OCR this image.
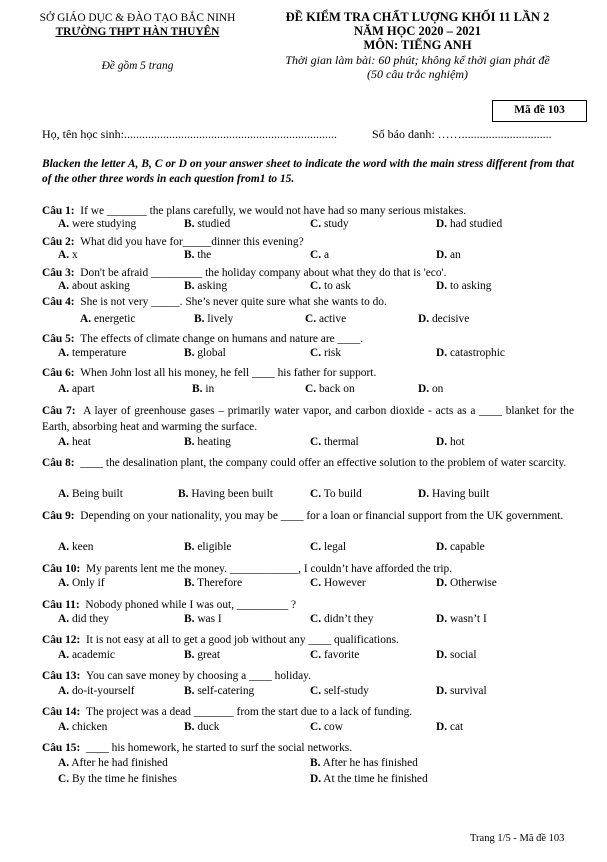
SỞ GIÁO DỤC & ĐÀO TẠO BẮC NINH
TRƯỜNG THPT HÀN THUYÊN
Đề gồm 5 trang
ĐỀ KIỂM TRA CHẤT LƯỢNG KHỐI 11 LẦN 2
NĂM HỌC 2020 – 2021
MÔN: TIẾNG ANH
Thời gian làm bài: 60 phút; không kể thời gian phát đề
(50 câu trắc nghiệm)
Mã đề 103
Họ, tên học sinh:.......................................................................	Số báo danh: ……..............................
Blacken the letter A, B, C or D on your answer sheet to indicate the word with the main stress different from that of the other three words in each question from1 to 15.
Câu 1: If we _______ the plans carefully, we would not have had so many serious mistakes.
A. were studying	B. studied	C. study	D. had studied
Câu 2: What did you have for_____dinner this evening?
A. x	B. the	C. a	D. an
Câu 3: Don't be afraid _________ the holiday company about what they do that is 'eco'.
A. about asking	B. asking	C. to ask	D. to asking
Câu 4: She is not very _____. She’s never quite sure what she wants to do.
A. energetic	B. lively	C. active	D. decisive
Câu 5: The effects of climate change on humans and nature are ____.
A. temperature	B. global	C. risk	D. catastrophic
Câu 6: When John lost all his money, he fell ____ his father for support.
A. apart	B. in	C. back on	D. on
Câu 7: A layer of greenhouse gases – primarily water vapor, and carbon dioxide - acts as a ____ blanket for the Earth, absorbing heat and warming the surface.
A. heat	B. heating	C. thermal	D. hot
Câu 8: ____ the desalination plant, the company could offer an effective solution to the problem of water scarcity.
A. Being built	B. Having been built	C. To build	D. Having built
Câu 9: Depending on your nationality, you may be ____ for a loan or financial support from the UK government.
A. keen	B. eligible	C. legal	D. capable
Câu 10: My parents lent me the money. ____________, I couldn’t have afforded the trip.
A. Only if	B. Therefore	C. However	D. Otherwise
Câu 11: Nobody phoned while I was out, _________ ?
A. did they	B. was I	C. didn’t they	D. wasn’t I
Câu 12: It is not easy at all to get a good job without any ____ qualifications.
A. academic	B. great	C. favorite	D. social
Câu 13: You can save money by choosing a ____ holiday.
A. do-it-yourself	B. self-catering	C. self-study	D. survival
Câu 14: The project was a dead _______ from the start due to a lack of funding.
A. chicken	B. duck	C. cow	D. cat
Câu 15: ____ his homework, he started to surf the social networks.
A. After he had finished	B. After he has finished
C. By the time he finishes	D. At the time he finished
Trang 1/5 - Mã đề 103
